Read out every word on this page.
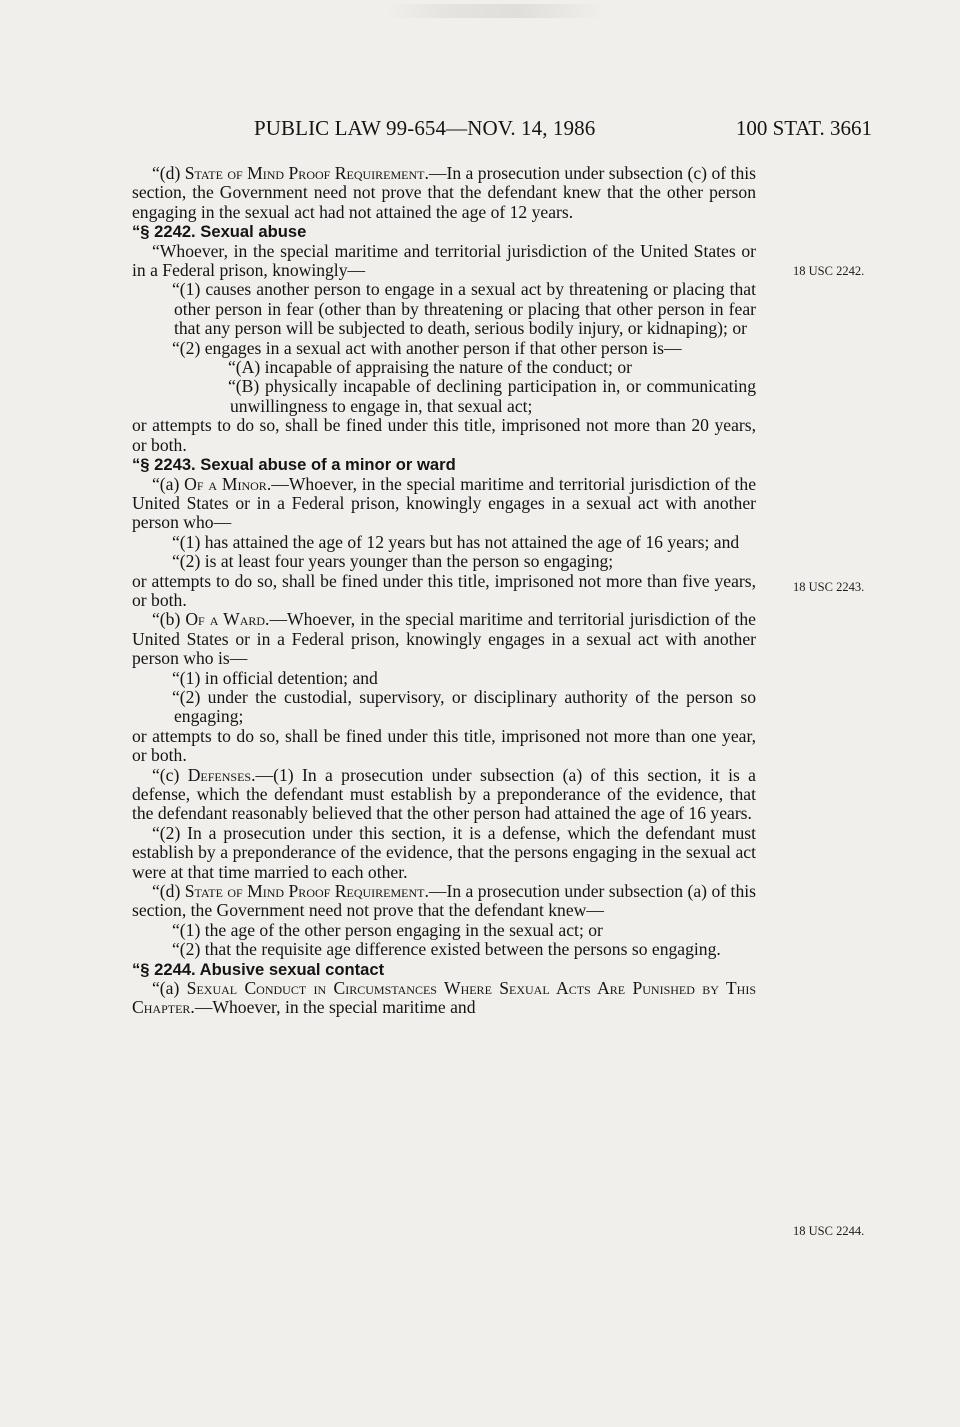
PUBLIC LAW 99-654—NOV. 14, 1986	100 STAT. 3661
18 USC 2242.
18 USC 2243.
18 USC 2244.

“(d) State of Mind Proof Requirement.—In a prosecution under subsection (c) of this section, the Government need not prove that the defendant knew that the other person engaging in the sexual act had not attained the age of 12 years.

“§ 2242. Sexual abuse

“Whoever, in the special maritime and territorial jurisdiction of the United States or in a Federal prison, knowingly—

“(1) causes another person to engage in a sexual act by threatening or placing that other person in fear (other than by threatening or placing that other person in fear that any person will be subjected to death, serious bodily injury, or kidnaping); or

“(2) engages in a sexual act with another person if that other person is—

“(A) incapable of appraising the nature of the conduct; or

“(B) physically incapable of declining participation in, or communicating unwillingness to engage in, that sexual act;

or attempts to do so, shall be fined under this title, imprisoned not more than 20 years, or both.

“§ 2243. Sexual abuse of a minor or ward

“(a) Of a Minor.—Whoever, in the special maritime and territorial jurisdiction of the United States or in a Federal prison, knowingly engages in a sexual act with another person who—

“(1) has attained the age of 12 years but has not attained the age of 16 years; and

“(2) is at least four years younger than the person so engaging;

or attempts to do so, shall be fined under this title, imprisoned not more than five years, or both.

“(b) Of a Ward.—Whoever, in the special maritime and territorial jurisdiction of the United States or in a Federal prison, knowingly engages in a sexual act with another person who is—

“(1) in official detention; and

“(2) under the custodial, supervisory, or disciplinary authority of the person so engaging;

or attempts to do so, shall be fined under this title, imprisoned not more than one year, or both.

“(c) Defenses.—(1) In a prosecution under subsection (a) of this section, it is a defense, which the defendant must establish by a preponderance of the evidence, that the defendant reasonably believed that the other person had attained the age of 16 years.

“(2) In a prosecution under this section, it is a defense, which the defendant must establish by a preponderance of the evidence, that the persons engaging in the sexual act were at that time married to each other.

“(d) State of Mind Proof Requirement.—In a prosecution under subsection (a) of this section, the Government need not prove that the defendant knew—

“(1) the age of the other person engaging in the sexual act; or

“(2) that the requisite age difference existed between the persons so engaging.

“§ 2244. Abusive sexual contact

“(a) Sexual Conduct in Circumstances Where Sexual Acts Are Punished by This Chapter.—Whoever, in the special maritime and
